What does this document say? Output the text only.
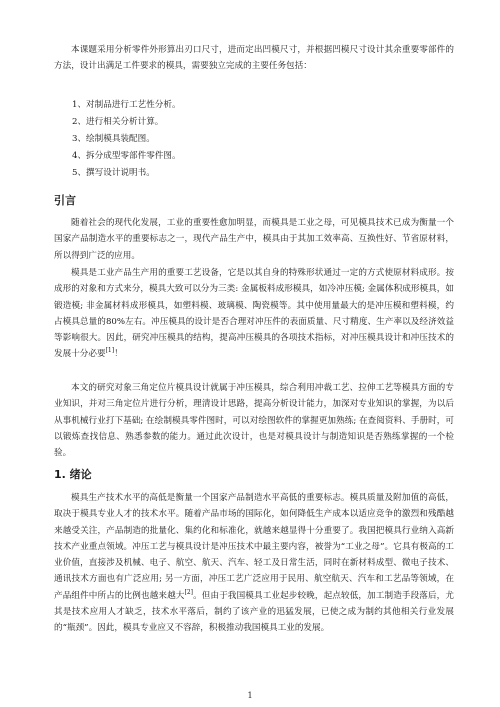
本课题采用分析零件外形算出刃口尺寸，进而定出凹模尺寸，并根据凹模尺寸设计其余重要零部件的方法，设计出满足工件要求的模具，需要独立完成的主要任务包括：

1、对制品进行工艺性分析。
2、进行相关分析计算。
3、绘制模具装配图。
4、拆分成型零部件零件图。
5、撰写设计说明书。
引言

随着社会的现代化发展，工业的重要性愈加明显，而模具是工业之母，可见模具技术已成为衡量一个国家产品制造水平的重要标志之一，现代产品生产中，模具由于其加工效率高、互换性好、节省原材料，所以得到广泛的应用。

模具是工业产品生产用的重要工艺设备，它是以其自身的特殊形状通过一定的方式使原材料成形。按成形的对象和方式来分，模具大致可以分为三类: 金属板料成形模具，如冷冲压模; 金属体积成形模具，如锻造模; 非金属材料成形模具，如塑料模、玻璃模、陶瓷模等。其中使用量最大的是冲压模和塑料模，约占模具总量的80%左右。冲压模具的设计是否合理对冲压件的表面质量、尺寸精度、生产率以及经济效益等影响很大。因此，研究冲压模具的结构，提高冲压模具的各项技术指标，对冲压模具设计和冲压技术的发展十分必要[1]！

本文的研究对象三角定位片模具设计就属于冲压模具，综合利用冲裁工艺、拉伸工艺等模具方面的专业知识，并对三角定位片进行分析，理清设计思路，提高分析设计能力，加深对专业知识的掌握，为以后从事机械行业打下基础; 在绘制模具零件图时，可以对绘图软件的掌握更加熟练; 在查阅资料、手册时，可以锻炼查找信息、熟悉参数的能力。通过此次设计，也是对模具设计与制造知识是否熟练掌握的一个检验。

1. 绪论

模具生产技术水平的高低是衡量一个国家产品制造水平高低的重要标志。模具质量及附加值的高低，取决于模具专业人才的技术水平。随着产品市场的国际化，如何降低生产成本以适应竞争的激烈和残酷越来越受关注，产品制造的批量化、集约化和标准化，就越来越显得十分重要了。我国把模具行业纳入高新技术产业重点领域。冲压工艺与模具设计是冲压技术中最主要内容，被誉为“工业之母”。它具有极高的工业价值，直接涉及机械、电子、航空、航天、汽车、轻工及日常生活，同时在新材料成型、微电子技术、通讯技术方面也有广泛应用; 另一方面，冲压工艺广泛应用于民用、航空航天、汽车和工艺品等领域，在产品组件中所占的比例也越来越大[2]。但由于我国模具工业起步较晚，起点较低，加工制造手段落后，尤其是技术应用人才缺乏，技术水平落后，制约了该产业的迅猛发展，已使之成为制约其他相关行业发展的“瓶颈”。因此，模具专业应又不容辞，积极推动我国模具工业的发展。

1
